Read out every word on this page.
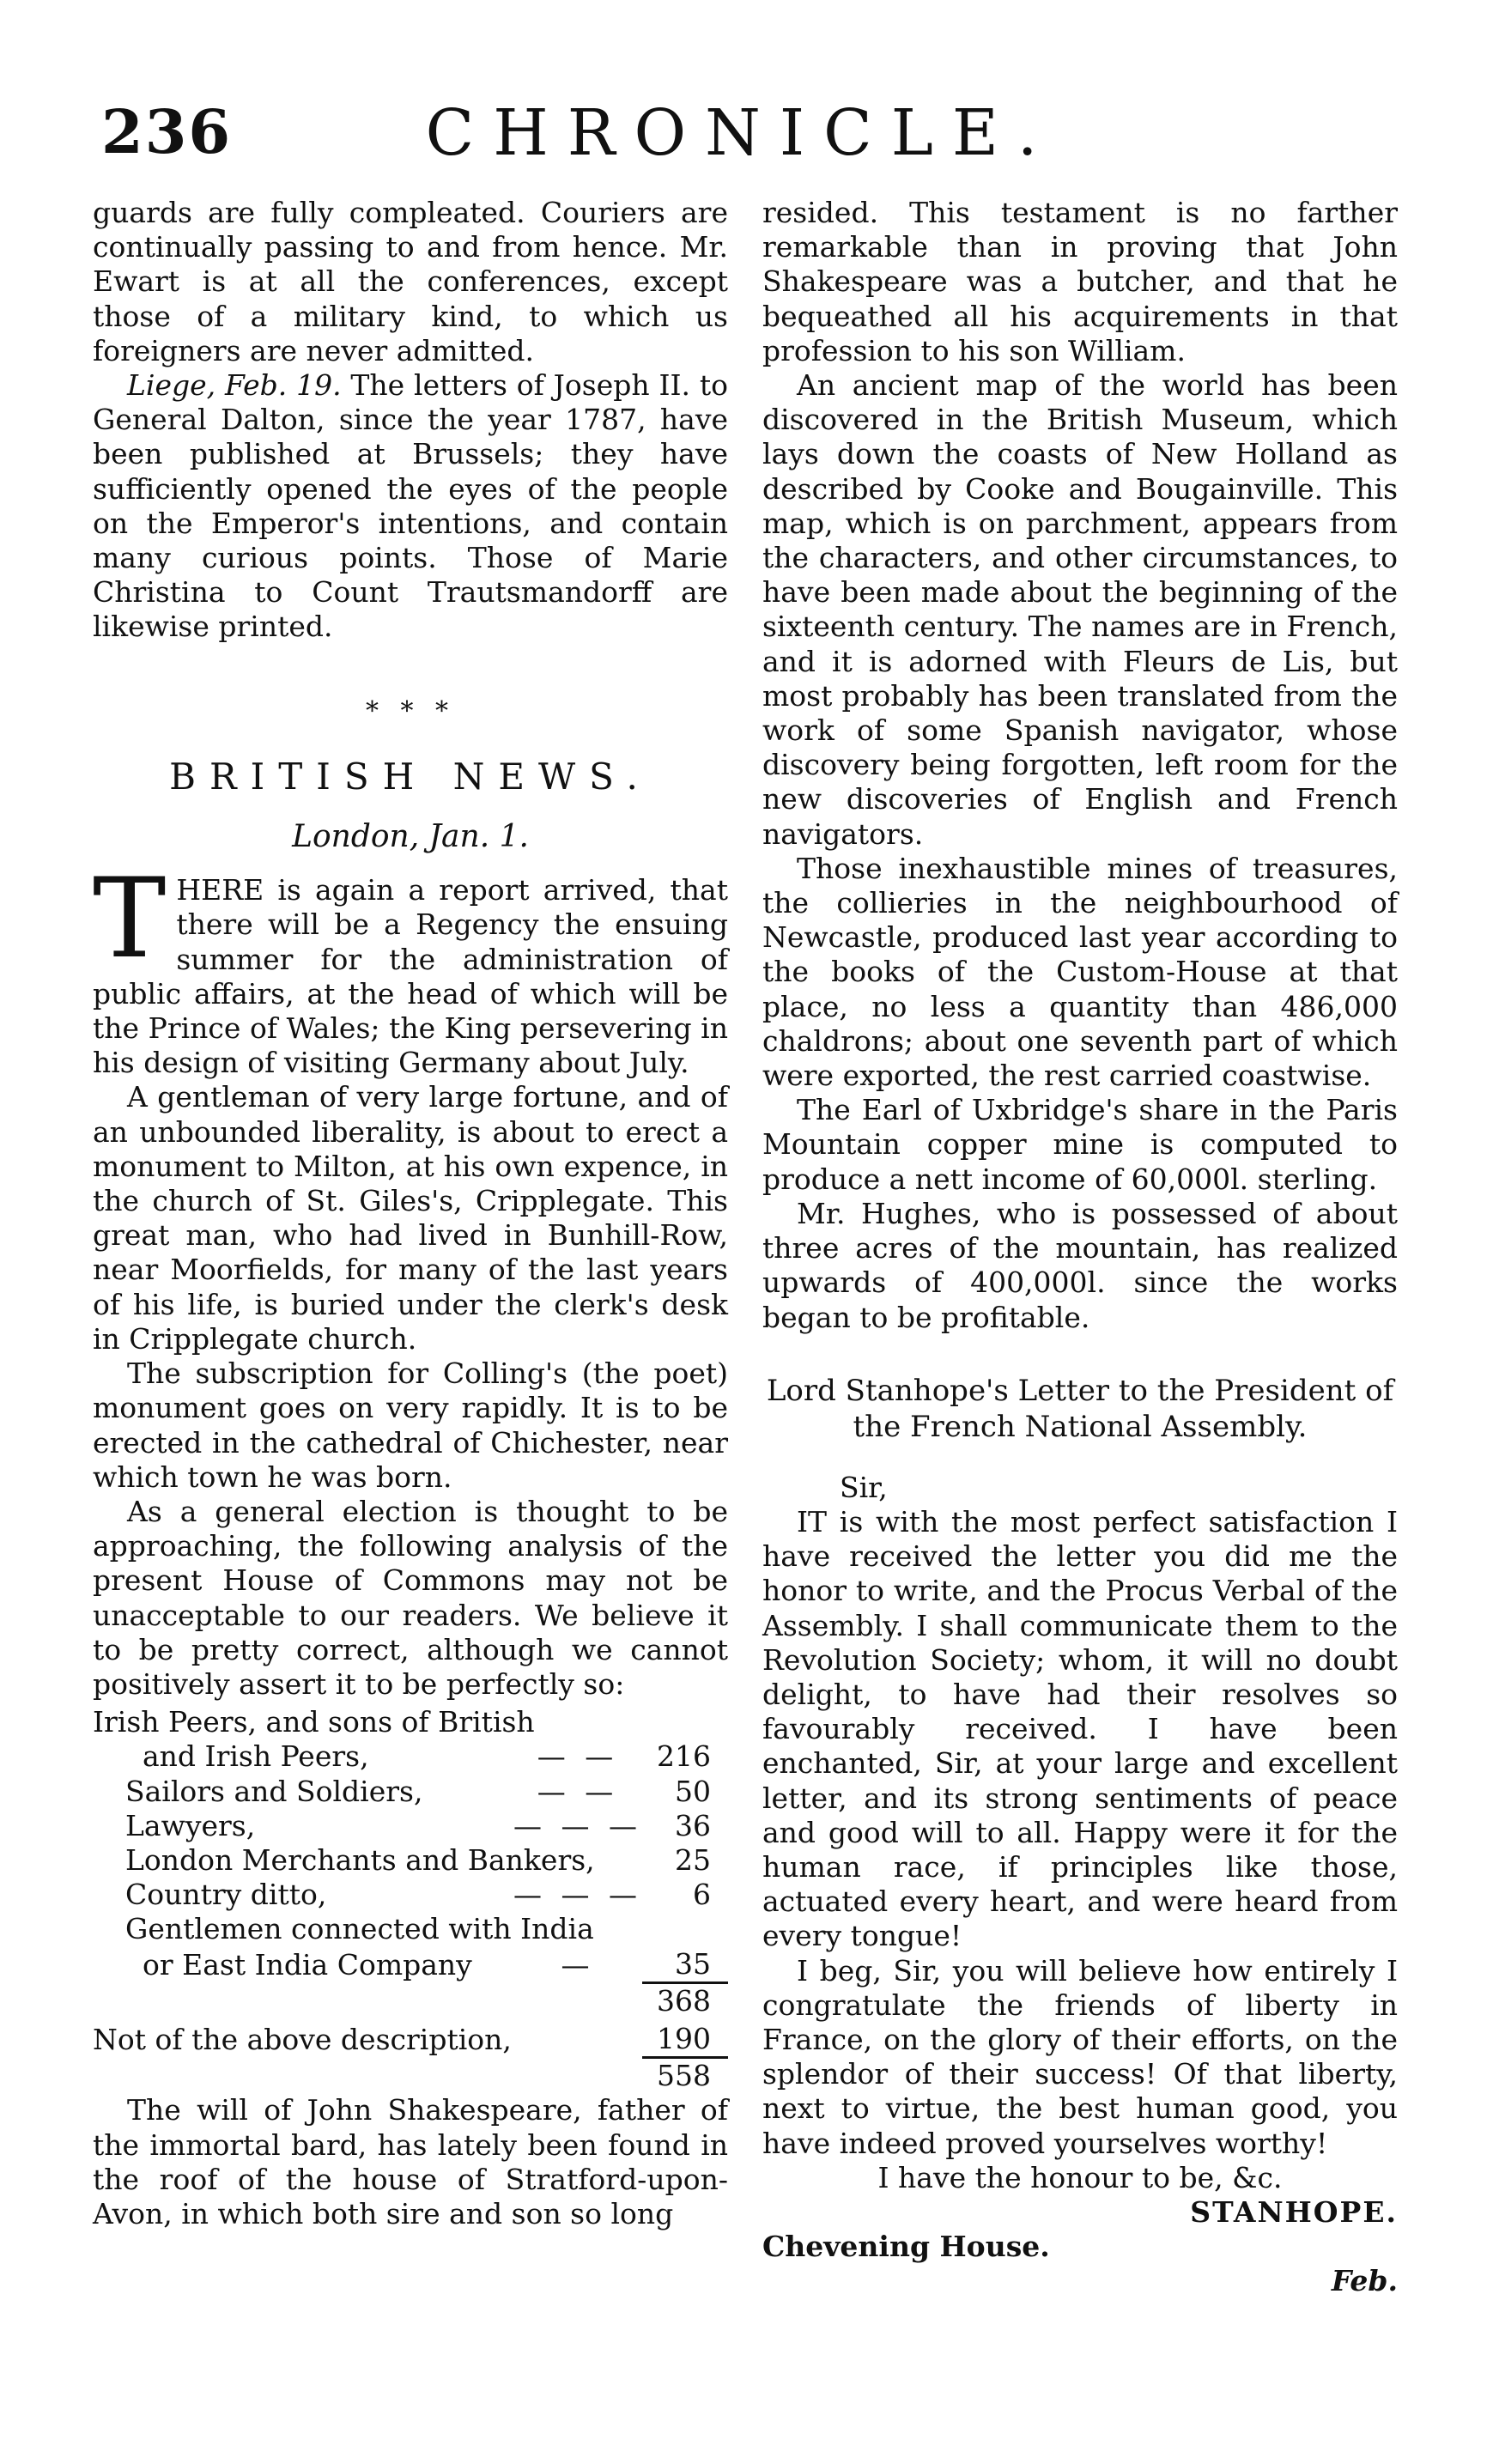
236	CHRONICLE.

guards are fully compleated. Couriers are continually passing to and from hence. Mr. Ewart is at all the conferences, except those of a military kind, to which us foreigners are never admitted.

Liege, Feb. 19. The letters of Joseph II. to General Dalton, since the year 1787, have been published at Brussels; they have sufficiently opened the eyes of the people on the Emperor's intentions, and contain many curious points. Those of Marie Christina to Count Trautsmandorff are likewise printed.

* * *
BRITISH NEWS.
London, Jan. 1.

THERE is again a report arrived, that there will be a Regency the ensuing summer for the administration of public affairs, at the head of which will be the Prince of Wales; the King persevering in his design of visiting Germany about July.

A gentleman of very large fortune, and of an unbounded liberality, is about to erect a monument to Milton, at his own expence, in the church of St. Giles's, Cripplegate. This great man, who had lived in Bunhill-Row, near Moorfields, for many of the last years of his life, is buried under the clerk's desk in Cripplegate church.

The subscription for Colling's (the poet) monument goes on very rapidly. It is to be erected in the cathedral of Chichester, near which town he was born.

As a general election is thought to be approaching, the following analysis of the present House of Commons may not be unacceptable to our readers. We believe it to be pretty correct, although we cannot positively assert it to be perfectly so:

Irish Peers, and sons of British		
and Irish Peers,	— —	216
Sailors and Soldiers,	— —	50
Lawyers,	— — —	36
London Merchants and Bankers,		25
Country ditto,	— — —	6
Gentlemen connected with India		
or East India Company	—	35
		368
Not of the above description,		190
		558

The will of John Shakespeare, father of the immortal bard, has lately been found in the roof of the house of Stratford-upon-Avon, in which both sire and son so long

resided. This testament is no farther remarkable than in proving that John Shakespeare was a butcher, and that he bequeathed all his acquirements in that profession to his son William.

An ancient map of the world has been discovered in the British Museum, which lays down the coasts of New Holland as described by Cooke and Bougainville. This map, which is on parchment, appears from the characters, and other circumstances, to have been made about the beginning of the sixteenth century. The names are in French, and it is adorned with Fleurs de Lis, but most probably has been translated from the work of some Spanish navigator, whose discovery being forgotten, left room for the new discoveries of English and French navigators.

Those inexhaustible mines of treasures, the collieries in the neighbourhood of Newcastle, produced last year according to the books of the Custom-House at that place, no less a quantity than 486,000 chaldrons; about one seventh part of which were exported, the rest carried coastwise.

The Earl of Uxbridge's share in the Paris Mountain copper mine is computed to produce a nett income of 60,000l. sterling.

Mr. Hughes, who is possessed of about three acres of the mountain, has realized upwards of 400,000l. since the works began to be profitable.

Lord Stanhope's Letter to the President of the French National Assembly.

Sir,

IT is with the most perfect satisfaction I have received the letter you did me the honor to write, and the Procus Verbal of the Assembly. I shall communicate them to the Revolution Society; whom, it will no doubt delight, to have had their resolves so favourably received. I have been enchanted, Sir, at your large and excellent letter, and its strong sentiments of peace and good will to all. Happy were it for the human race, if principles like those, actuated every heart, and were heard from every tongue!

I beg, Sir, you will believe how entirely I congratulate the friends of liberty in France, on the glory of their efforts, on the splendor of their success! Of that liberty, next to virtue, the best human good, you have indeed proved yourselves worthy!

I have the honour to be, &c.

STANHOPE.

Chevening House.

Feb.
